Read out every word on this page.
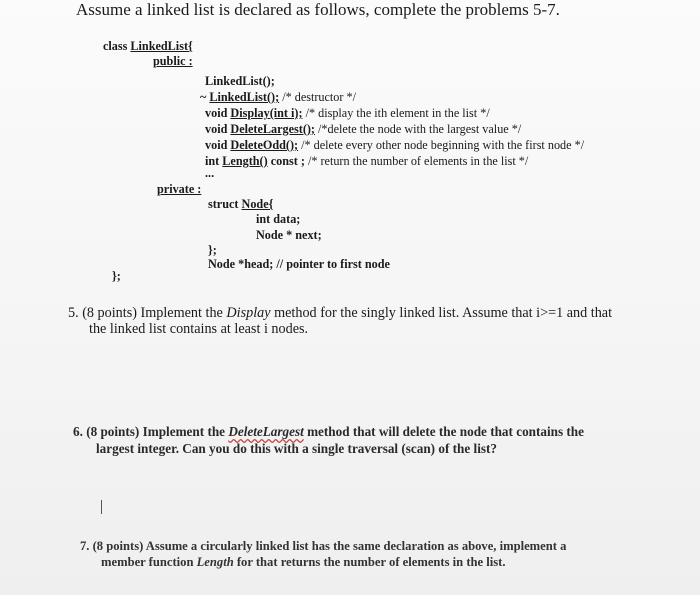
Assume a linked list is declared as follows, complete the problems 5-7.
class LinkedList{
public :
LinkedList();
~ LinkedList(); /* destructor */
void Display(int i); /* display the ith element in the list */
void DeleteLargest(); /*delete the node with the largest value */
void DeleteOdd(); /* delete every other node beginning with the first node */
int Length() const ; /* return the number of elements in the list */
...
private :
struct Node{
int data;
Node * next;
};
Node *head; // pointer to first node
};
5. (8 points) Implement the Display method for the singly linked list. Assume that i>=1 and that
the linked list contains at least i nodes.
6. (8 points) Implement the DeleteLargest method that will delete the node that contains the
largest integer. Can you do this with a single traversal (scan) of the list?
7. (8 points) Assume a circularly linked list has the same declaration as above, implement a
member function Length for that returns the number of elements in the list.
